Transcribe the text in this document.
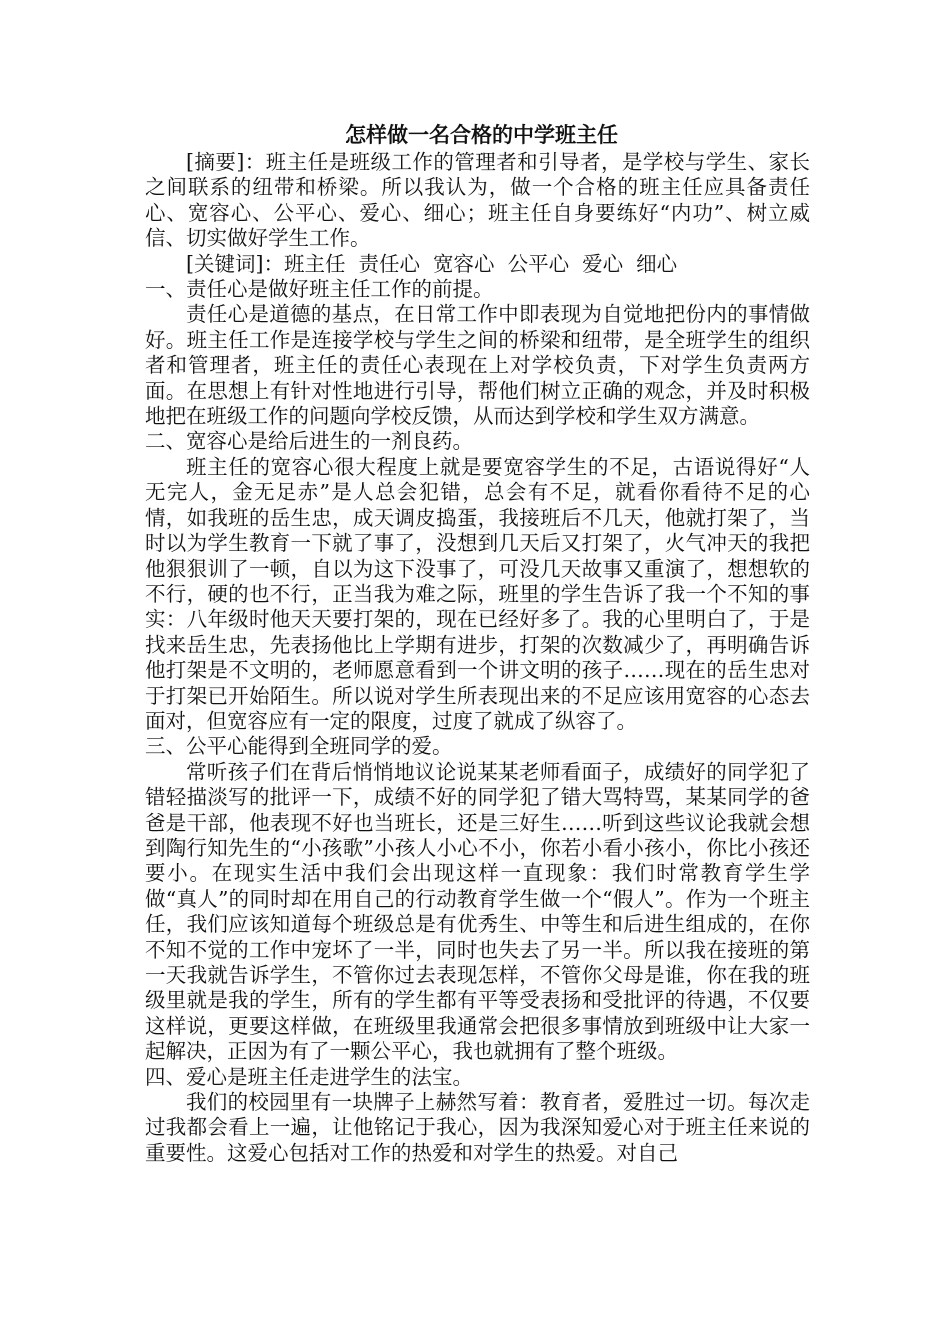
怎样做一名合格的中学班主任

[摘要]：班主任是班级工作的管理者和引导者，是学校与学生、家长之间联系的纽带和桥梁。所以我认为，做一个合格的班主任应具备责任心、宽容心、公平心、爱心、细心；班主任自身要练好“内功”、树立威信、切实做好学生工作。

[关键词]：班主任  责任心  宽容心  公平心  爱心  细心

一、责任心是做好班主任工作的前提。

责任心是道德的基点，在日常工作中即表现为自觉地把份内的事情做好。班主任工作是连接学校与学生之间的桥梁和纽带，是全班学生的组织者和管理者，班主任的责任心表现在上对学校负责，下对学生负责两方面。在思想上有针对性地进行引导，帮他们树立正确的观念，并及时积极地把在班级工作的问题向学校反馈，从而达到学校和学生双方满意。

二、宽容心是给后进生的一剂良药。

班主任的宽容心很大程度上就是要宽容学生的不足，古语说得好“人无完人，金无足赤”是人总会犯错，总会有不足，就看你看待不足的心情，如我班的岳生忠，成天调皮捣蛋，我接班后不几天，他就打架了，当时以为学生教育一下就了事了，没想到几天后又打架了，火气冲天的我把他狠狠训了一顿，自以为这下没事了，可没几天故事又重演了，想想软的不行，硬的也不行，正当我为难之际，班里的学生告诉了我一个不知的事实：八年级时他天天要打架的，现在已经好多了。我的心里明白了，于是找来岳生忠，先表扬他比上学期有进步，打架的次数减少了，再明确告诉他打架是不文明的，老师愿意看到一个讲文明的孩子……现在的岳生忠对于打架已开始陌生。所以说对学生所表现出来的不足应该用宽容的心态去面对，但宽容应有一定的限度，过度了就成了纵容了。

三、公平心能得到全班同学的爱。

常听孩子们在背后悄悄地议论说某某老师看面子，成绩好的同学犯了错轻描淡写的批评一下，成绩不好的同学犯了错大骂特骂，某某同学的爸爸是干部，他表现不好也当班长，还是三好生……听到这些议论我就会想到陶行知先生的“小孩歌”小孩人小心不小，你若小看小孩小，你比小孩还要小。在现实生活中我们会出现这样一直现象：我们时常教育学生学做“真人”的同时却在用自己的行动教育学生做一个“假人”。作为一个班主任，我们应该知道每个班级总是有优秀生、中等生和后进生组成的，在你不知不觉的工作中宠坏了一半，同时也失去了另一半。所以我在接班的第一天我就告诉学生，不管你过去表现怎样，不管你父母是谁，你在我的班级里就是我的学生，所有的学生都有平等受表扬和受批评的待遇，不仅要这样说，更要这样做，在班级里我通常会把很多事情放到班级中让大家一起解决，正因为有了一颗公平心，我也就拥有了整个班级。

四、爱心是班主任走进学生的法宝。

我们的校园里有一块牌子上赫然写着：教育者，爱胜过一切。每次走过我都会看上一遍，让他铭记于我心，因为我深知爱心对于班主任来说的重要性。这爱心包括对工作的热爱和对学生的热爱。对自己
